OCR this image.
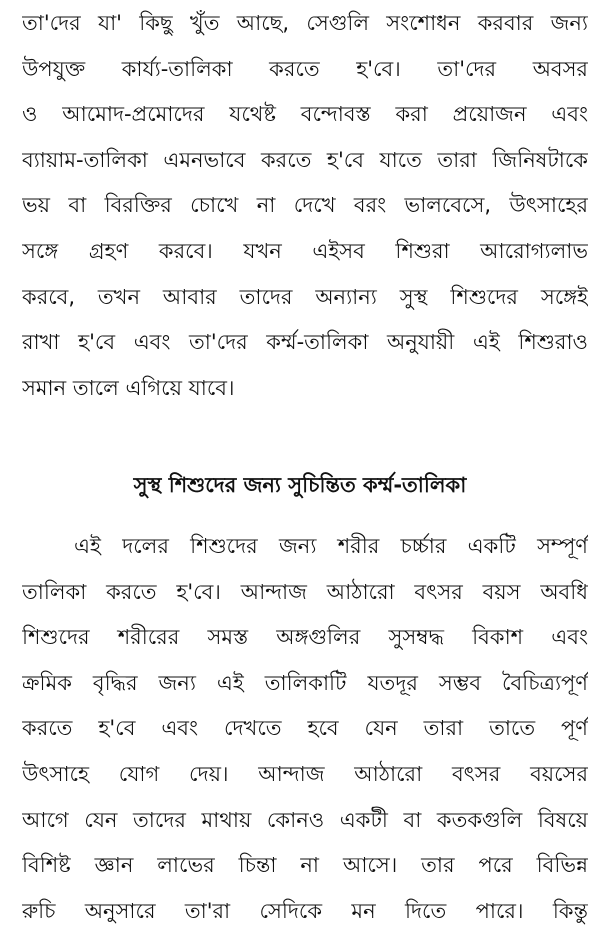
তা'দের যা' কিছু খুঁত আছে, সেগুলি সংশোধন করবার জন্য
উপযুক্ত কার্য্য-তালিকা করতে হ'বে। তা'দের অবসর
ও আমোদ-প্রমোদের যথেষ্ট বন্দোবস্ত করা প্রয়োজন এবং
ব্যায়াম-তালিকা এমনভাবে করতে হ'বে যাতে তারা জিনিষটাকে
ভয় বা বিরক্তির চোখে না দেখে বরং ভালবেসে, উৎসাহের
সঙ্গে গ্রহণ করবে। যখন এইসব শিশুরা আরোগ্যলাভ
করবে, তখন আবার তাদের অন্যান্য সুস্থ শিশুদের সঙ্গেই
রাখা হ'বে এবং তা'দের কর্ম্ম-তালিকা অনুযায়ী এই শিশুরাও
সমান তালে এগিয়ে যাবে।
সুস্থ শিশুদের জন্য সুচিন্তিত কর্ম্ম-তালিকা
এই দলের শিশুদের জন্য শরীর চর্চ্চার একটি সম্পূর্ণ
তালিকা করতে হ'বে। আন্দাজ আঠারো বৎসর বয়স অবধি
শিশুদের শরীরের সমস্ত অঙ্গগুলির সুসম্বদ্ধ বিকাশ এবং
ক্রমিক বৃদ্ধির জন্য এই তালিকাটি যতদূর সম্ভব বৈচিত্র্যপূর্ণ
করতে হ'বে এবং দেখতে হবে যেন তারা তাতে পূর্ণ
উৎসাহে যোগ দেয়। আন্দাজ আঠারো বৎসর বয়সের
আগে যেন তাদের মাথায় কোনও একটী বা কতকগুলি বিষয়ে
বিশিষ্ট জ্ঞান লাভের চিন্তা না আসে। তার পরে বিভিন্ন
রুচি অনুসারে তা'রা সেদিকে মন দিতে পারে। কিন্তু
